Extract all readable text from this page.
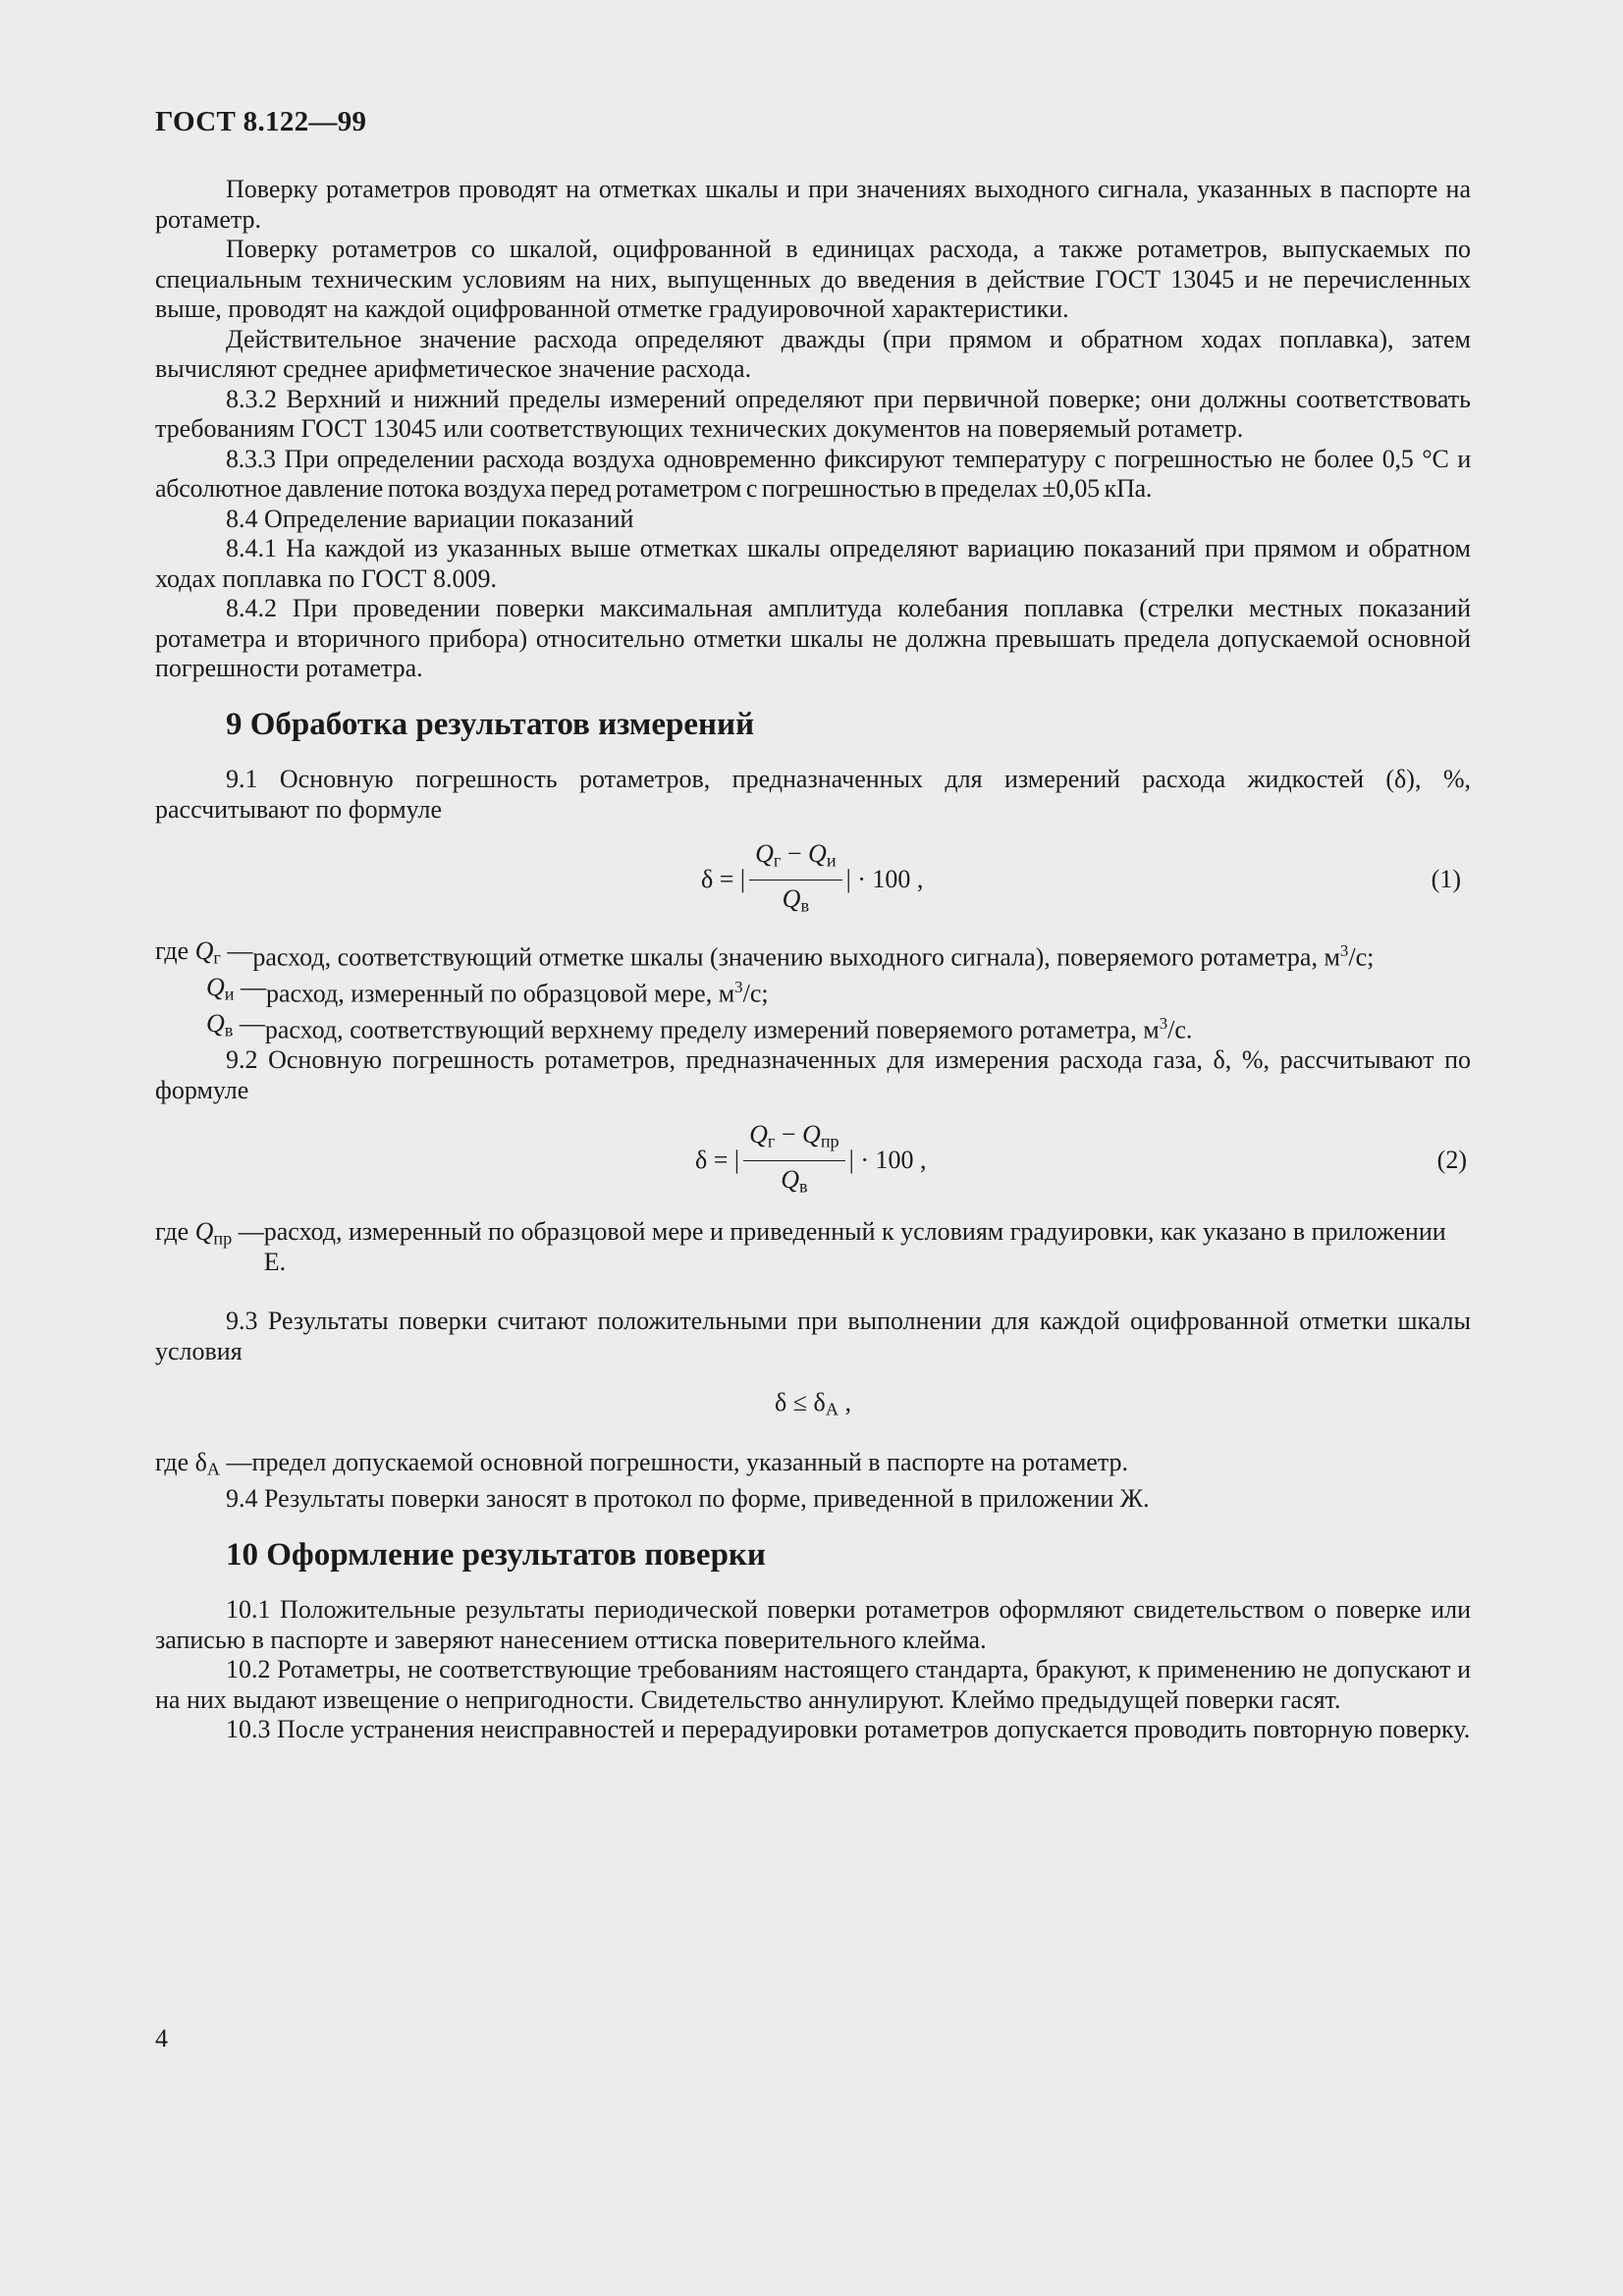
ГОСТ 8.122—99

Поверку ротаметров проводят на отметках шкалы и при значениях выходного сигнала, указанных в паспорте на ротаметр.

Поверку ротаметров со шкалой, оцифрованной в единицах расхода, а также ротаметров, выпускаемых по специальным техническим условиям на них, выпущенных до введения в действие ГОСТ 13045 и не перечисленных выше, проводят на каждой оцифрованной отметке градуировочной характеристики.

Действительное значение расхода определяют дважды (при прямом и обратном ходах поплавка), затем вычисляют среднее арифметическое значение расхода.

8.3.2 Верхний и нижний пределы измерений определяют при первичной поверке; они должны соответствовать требованиям ГОСТ 13045 или соответствующих технических документов на поверяемый ротаметр.

8.3.3 При определении расхода воздуха одновременно фиксируют температуру с погрешностью не более 0,5 °С и абсолютное давление потока воздуха перед ротаметром с погрешностью в пределах ±0,05 кПа.

8.4 Определение вариации показаний

8.4.1 На каждой из указанных выше отметках шкалы определяют вариацию показаний при прямом и обратном ходах поплавка по ГОСТ 8.009.

8.4.2 При проведении поверки максимальная амплитуда колебания поплавка (стрелки местных показаний ротаметра и вторичного прибора) относительно отметки шкалы не должна превышать предела допускаемой основной погрешности ротаметра.

9 Обработка результатов измерений

9.1 Основную погрешность ротаметров, предназначенных для измерений расхода жидкостей (δ), %, рассчитывают по формуле

δ = | $\frac{Q_г - Q_и}{Q_в}$ | · 100 ,	(1)
где $Q_г$ — расход, соответствующий отметке шкалы (значению выходного сигнала), поверяемого ротаметра, $м^3/с$;
$Q_и$ — расход, измеренный по образцовой мере, $м^3/с$;
$Q_в$ — расход, соответствующий верхнему пределу измерений поверяемого ротаметра, $м^3/с$.

9.2 Основную погрешность ротаметров, предназначенных для измерения расхода газа, δ, %, рассчитывают по формуле

δ = | $\frac{Q_г - Q_{пр}}{Q_в}$ | · 100 ,	(2)
где $Q_{пр}$ — расход, измеренный по образцовой мере и приведенный к условиям градуировки, как указано в приложении Е.

9.3 Результаты поверки считают положительными при выполнении для каждой оцифрованной отметки шкалы условия

$\delta \le \delta_А$ ,
где $\delta_А$ — предел допускаемой основной погрешности, указанный в паспорте на ротаметр.

9.4 Результаты поверки заносят в протокол по форме, приведенной в приложении Ж.

10 Оформление результатов поверки

10.1 Положительные результаты периодической поверки ротаметров оформляют свидетельством о поверке или записью в паспорте и заверяют нанесением оттиска поверительного клейма.

10.2 Ротаметры, не соответствующие требованиям настоящего стандарта, бракуют, к применению не допускают и на них выдают извещение о непригодности. Свидетельство аннулируют. Клеймо предыдущей поверки гасят.

10.3 После устранения неисправностей и перерадуировки ротаметров допускается проводить повторную поверку.

4
